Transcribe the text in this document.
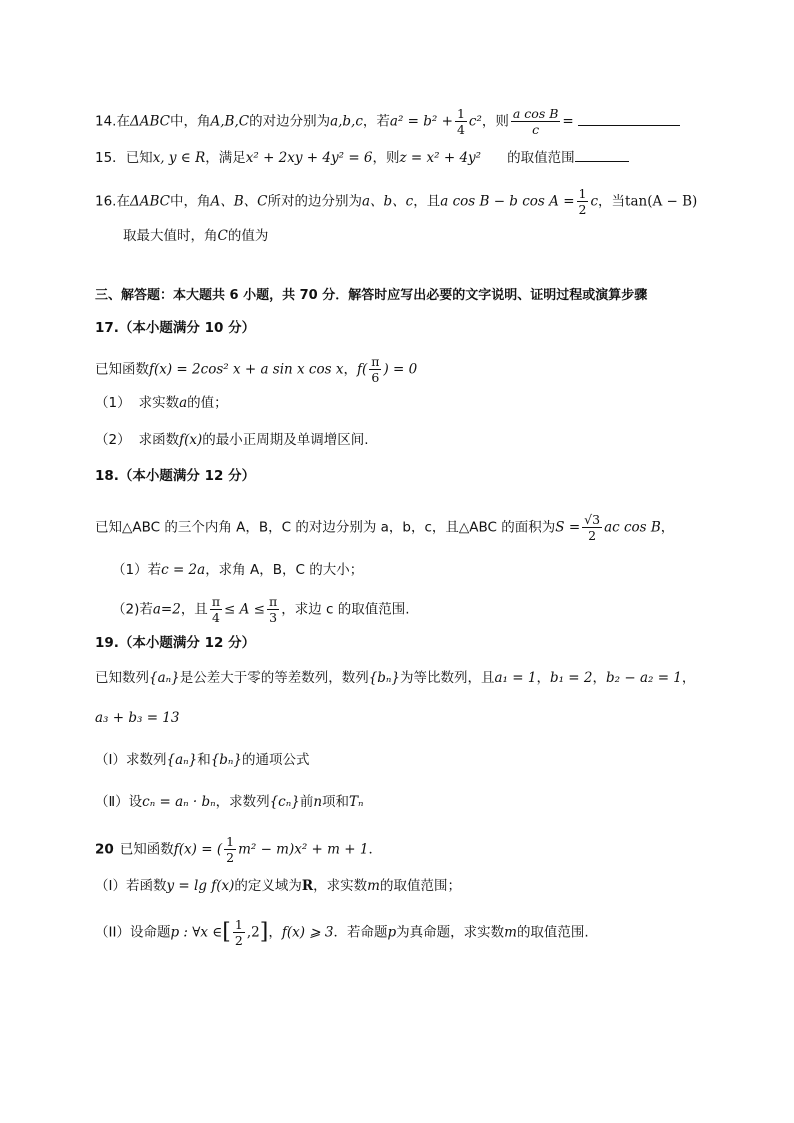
14.在ΔABC中，角A,B,C的对边分别为a,b,c，若$a^2 = b^2 + \frac{1}{4} c^2$，则 $\frac{\text{a cos B}}{c}$ =
15．已知x, y ∈ R，满足x² + 2xy + 4y² = 6，则z = x² + 4y² 的取值范围
16.在ΔABC中，角A、B、C所对的边分别为a、b、c，且a cos B − b $\cos A = \frac{1}{2}$ c，当tan(A − B)
取最大值时，角C的值为
三、解答题：本大题共 6 小题，共 70 分．解答时应写出必要的文字说明、证明过程或演算步骤
17.（本小题满分 10 分）
已知函数f(x) = 2cos² x + a sin x cos x，$f( \frac{\pi}{6}$ ) = 0
（1） 求实数a的值；
（2） 求函数f(x)的最小正周期及单调增区间.
18.（本小题满分 12 分）
已知△ABC 的三个内角 A，B，C 的对边分别为 a，b，c，且△ABC 的面积为$S = \frac{√3}{2}$ ac cos B，
（1）若c = 2a，求角 A，B，C 的大小；
（2)若a=2，且 $\frac{\pi}{4} \le A \le \frac{\pi}{3}$ ，求边 c 的取值范围.
19.（本小题满分 12 分）
已知数列{aₙ}是公差大于零的等差数列，数列{bₙ}为等比数列，且a₁ = 1，b₁ = 2，b₂ − a₂ = 1，
a₃ + b₃ = 13
（Ⅰ）求数列{aₙ}和{bₙ}的通项公式
（Ⅱ）设cₙ = aₙ · bₙ，求数列{cₙ}前n项和Tₙ
20 已知函数f(x) = ( $\frac{1}{2} m^2 - m)x^2 + m + 1$．
（I）若函数y = lg f(x)的定义域为R，求实数m的取值范围；
（II）设命题p : ∀x ∈[ $\frac{1}{2} ,2$]，f(x) ⩾ 3．若命题p为真命题，求实数m的取值范围.
